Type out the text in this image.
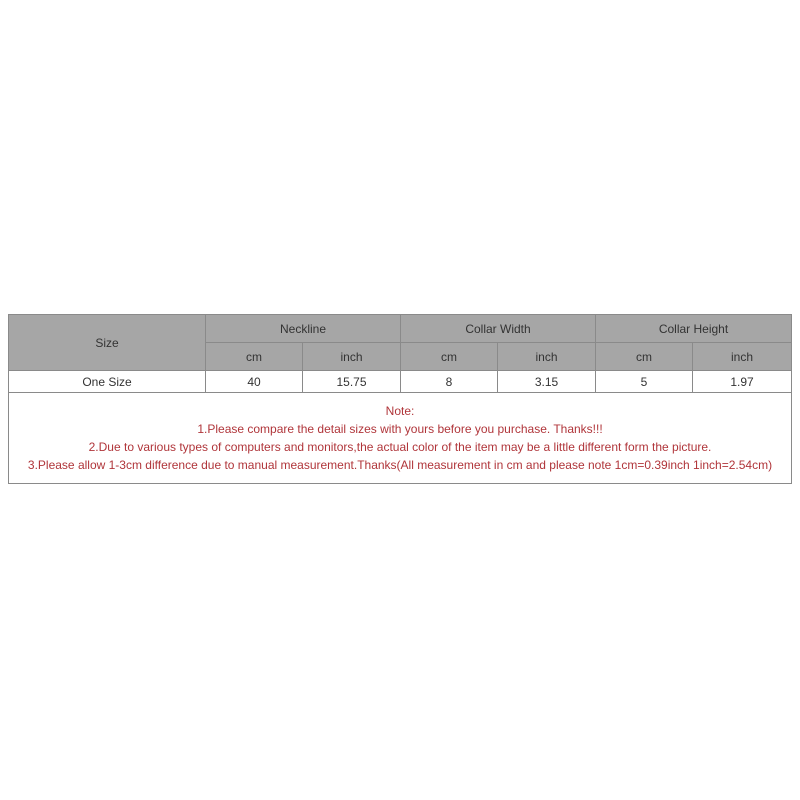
Size	Neckline		Collar Width		Collar Height	
	cm	inch	cm	inch	cm	inch
One Size	40	15.75	8	3.15	5	1.97

Note:
1.Please compare the detail sizes with yours before you purchase. Thanks!!!
2.Due to various types of computers and monitors,the actual color of the item may be a little different form the picture.
3.Please allow 1-3cm difference due to manual measurement.Thanks(All measurement in cm and please note 1cm=0.39inch 1inch=2.54cm)						
